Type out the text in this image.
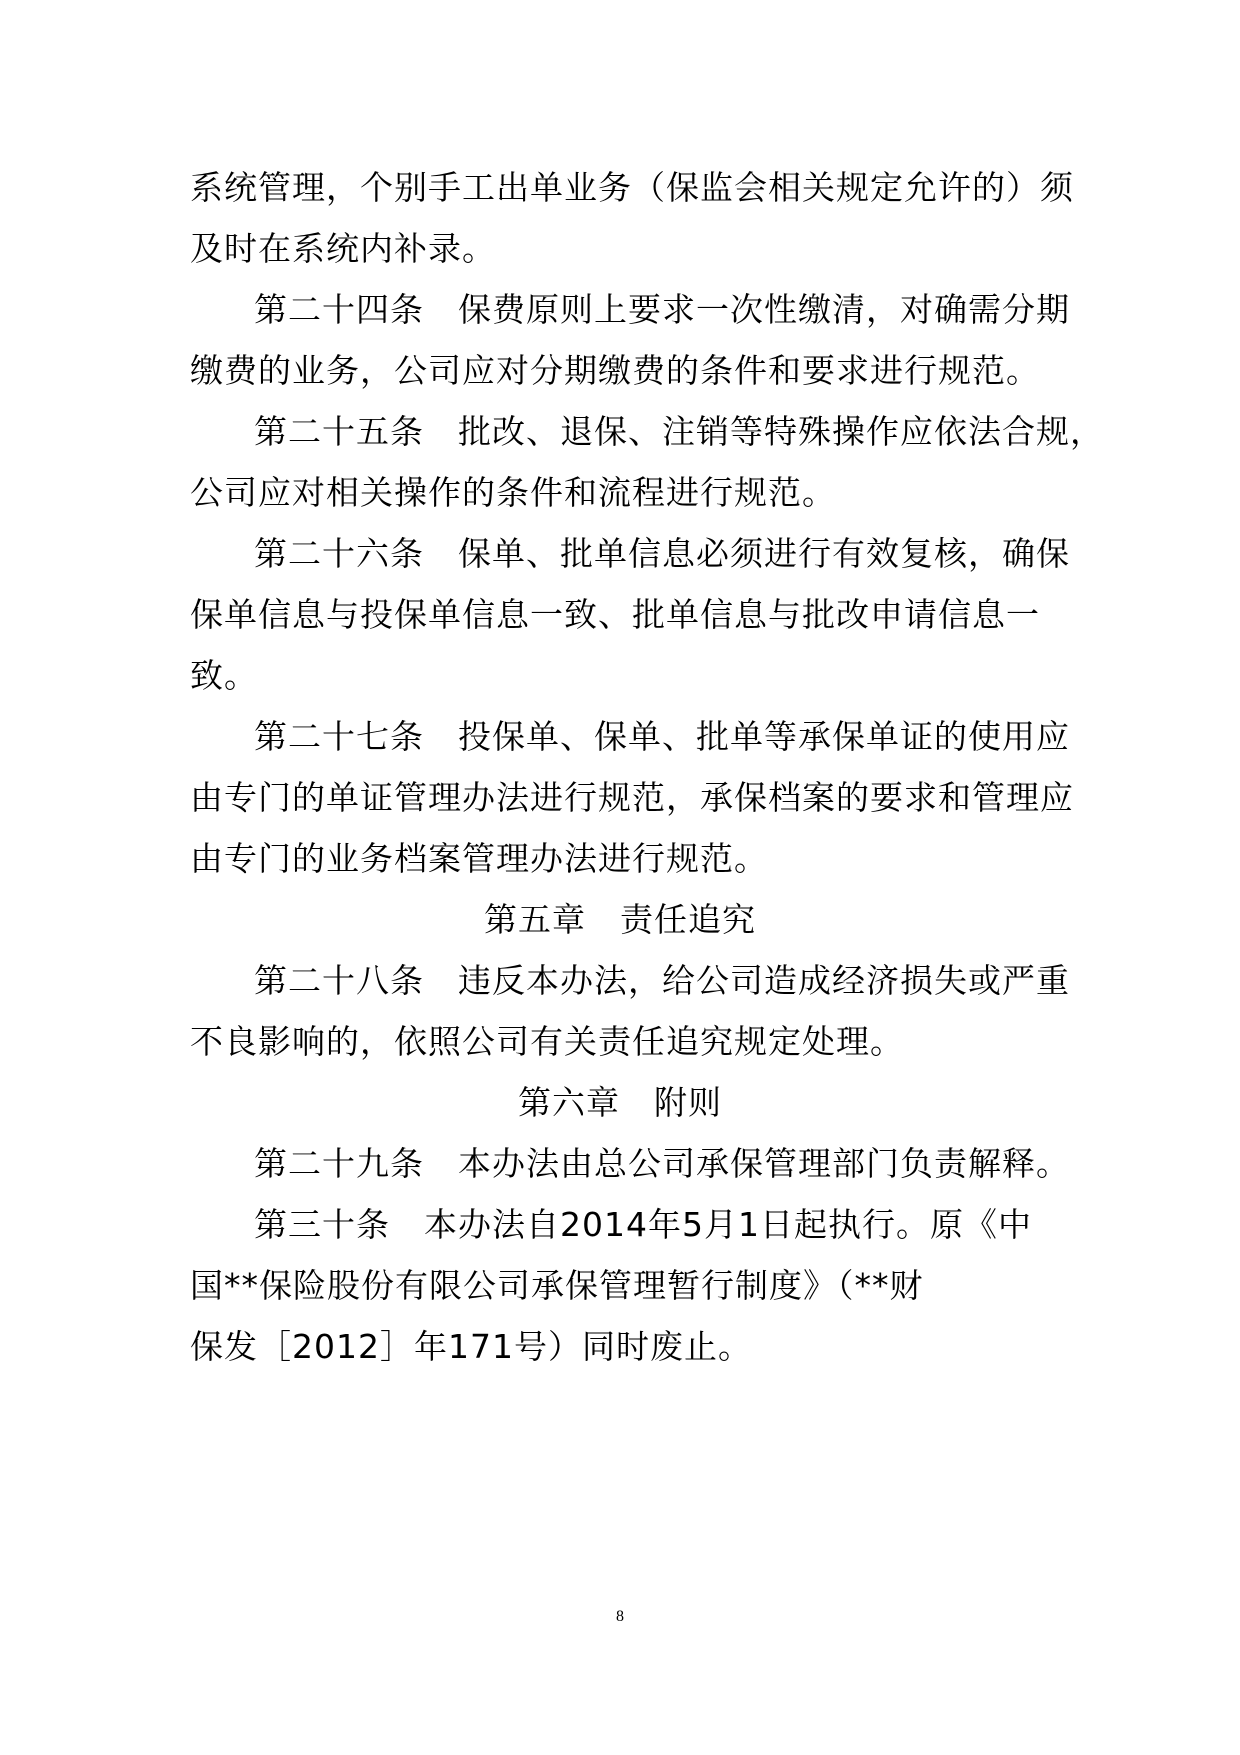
系统管理，个别手工出单业务（保监会相关规定允许的）须
及时在系统内补录。
第二十四条　保费原则上要求一次性缴清，对确需分期
缴费的业务，公司应对分期缴费的条件和要求进行规范。
第二十五条　批改、退保、注销等特殊操作应依法合规，
公司应对相关操作的条件和流程进行规范。
第二十六条　保单、批单信息必须进行有效复核，确保
保单信息与投保单信息一致、批单信息与批改申请信息一
致。
第二十七条　投保单、保单、批单等承保单证的使用应
由专门的单证管理办法进行规范，承保档案的要求和管理应
由专门的业务档案管理办法进行规范。
第五章　责任追究
第二十八条　违反本办法，给公司造成经济损失或严重
不良影响的，依照公司有关责任追究规定处理。
第六章　附则
第二十九条　本办法由总公司承保管理部门负责解释。
第三十条　本办法自2014年5月1日起执行。原《中
国**保险股份有限公司承保管理暂行制度》（**财
保发［2012］年171号）同时废止。
8
